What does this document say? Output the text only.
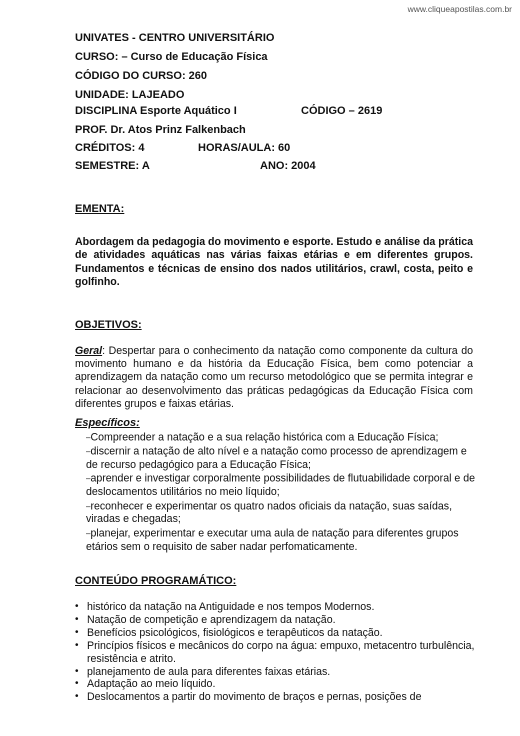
www.cliqueapostilas.com.br
UNIVATES - CENTRO UNIVERSITÁRIO
CURSO: – Curso de Educação Física
CÓDIGO DO CURSO: 260
UNIDADE: LAJEADO
DISCIPLINA Esporte Aquático I	CÓDIGO – 2619
PROF. Dr. Atos Prinz Falkenbach
CRÉDITOS: 4	HORAS/AULA: 60
SEMESTRE: A	ANO: 2004
EMENTA:
Abordagem da pedagogia do movimento e esporte. Estudo e análise da prática de atividades aquáticas nas várias faixas etárias e em diferentes grupos. Fundamentos e técnicas de ensino dos nados utilitários, crawl, costa, peito e golfinho.
OBJETIVOS:
Geral: Despertar para o conhecimento da natação como componente da cultura do movimento humano e da história da Educação Física, bem como potenciar a aprendizagem da natação como um recurso metodológico que se permita integrar e relacionar ao desenvolvimento das práticas pedagógicas da Educação Física com diferentes grupos e faixas etárias.
Específicos:
–Compreender a natação e a sua relação histórica com a Educação Física;
–discernir a natação de alto nível e a natação como processo de aprendizagem e de recurso pedagógico para a Educação Física;
–aprender e investigar corporalmente possibilidades de flutuabilidade corporal e de deslocamentos utilitários no meio líquido;
–reconhecer e experimentar os quatro nados oficiais da natação, suas saídas, viradas e chegadas;
–planejar, experimentar e executar uma aula de natação para diferentes grupos etários sem o requisito de saber nadar perfomaticamente.
CONTEÚDO PROGRAMÁTICO:
• histórico da natação na Antiguidade e nos tempos Modernos.
• Natação de competição e aprendizagem da natação.
• Benefícios psicológicos, fisiológicos e terapêuticos da natação.
• Princípios físicos e mecânicos do corpo na água: empuxo, metacentro turbulência, resistência e atrito.
• planejamento de aula para diferentes faixas etárias.
• Adaptação ao meio líquido.
• Deslocamentos a partir do movimento de braços e pernas, posições de
